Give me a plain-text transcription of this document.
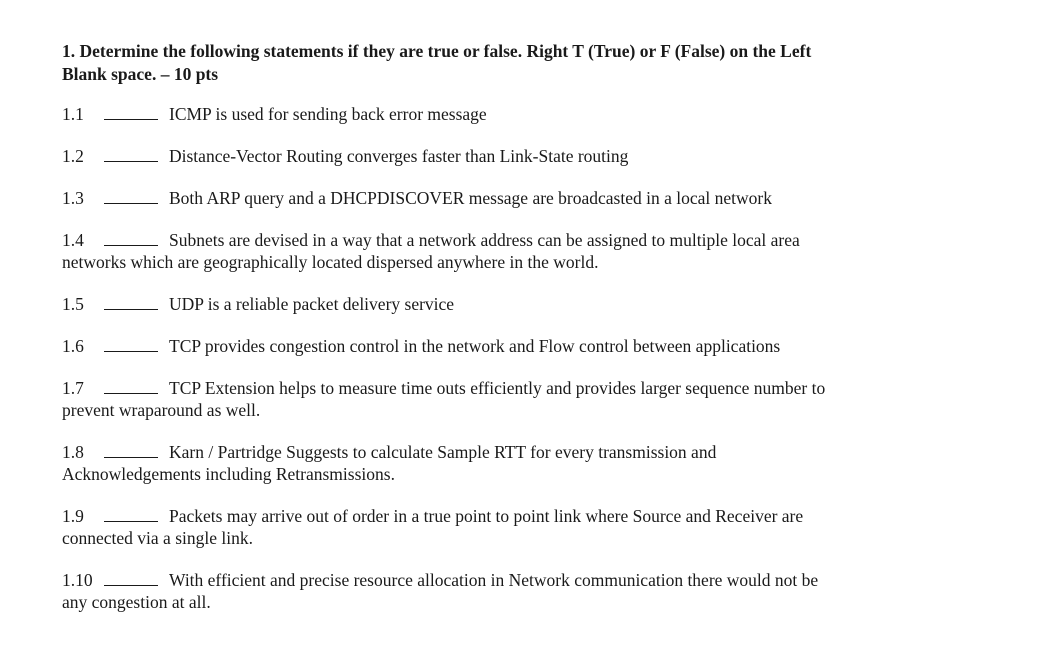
1. Determine the following statements if they are true or false. Right T (True) or F (False) on the Left
Blank space. – 10 pts
1.1	ICMP is used for sending back error message
1.2	Distance-Vector Routing converges faster than Link-State routing
1.3	Both ARP query and a DHCPDISCOVER message are broadcasted in a local network
1.4	Subnets are devised in a way that a network address can be assigned to multiple local area
networks which are geographically located dispersed anywhere in the world.
1.5	UDP is a reliable packet delivery service
1.6	TCP provides congestion control in the network and Flow control between applications
1.7	TCP Extension helps to measure time outs efficiently and provides larger sequence number to
prevent wraparound as well.
1.8	Karn / Partridge Suggests to calculate Sample RTT for every transmission and
Acknowledgements including Retransmissions.
1.9	Packets may arrive out of order in a true point to point link where Source and Receiver are
connected via a single link.
1.10	With efficient and precise resource allocation in Network communication there would not be
any congestion at all.
